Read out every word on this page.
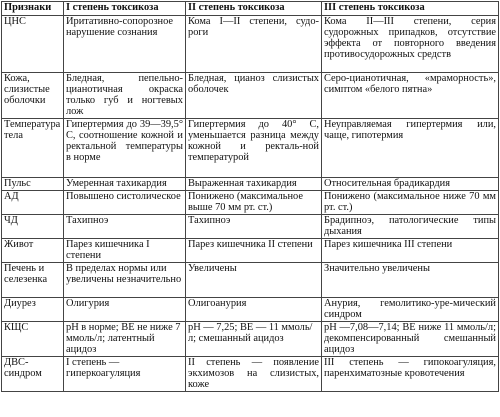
Признаки	I степень токсикоза	II степень токсикоза	III степень токсикоза
ЦНС	Иритативно-сопорозное нарушение сознания	Кома I—II степени, судо-роги	Кома II—III степени, серия судорожных припадков, отсутствие эффекта от повторного введения противосудорожных средств
Кожа, слизистые оболочки	Бледная, пепельно-цианотичная окраска только губ и ногтевых лож	Бледная, цианоз слизистых оболочек	Серо-цианотичная, «мраморность», симптом «белого пятна»
Температура тела	Гипертермия до 39—39,5° С, соотношение кожной и ректальной температуры в норме	Гипертермия до 40° С, уменьшается разница между кожной и ректаль-ной температурой	Неуправляемая гипертермия или, чаще, гипотермия
Пульс	Умеренная тахикардия	Выраженная тахикардия	Относительная брадикардия
АД	Повышено систолическое	Понижено (максимальное выше 70 мм рт. ст.)	Понижено (максимальное ниже 70 мм рт. ст.)
ЧД	Тахипноэ	Тахипноэ	Брадипноэ, патологические типы дыхания
Живот	Парез кишечника I степени	Парез кишечника II степени	Парез кишечника III степени
Печень и селезенка	В пределах нормы или увеличены незначительно	Увеличены	Значительно увеличены
Диурез	Олигурия	Олигоанурия	Анурия, гемолитико-уре-мический синдром
КЩС	pH в норме; BE не ниже 7 ммоль/л; латентный ацидоз	pH — 7,25; BE — 11 ммоль/л; смешанный ацидоз	pH —7,08—7,14; BE ниже 11 ммоль/л; декомпенсированный смешанный ацидоз
ДВС-синдром	I степень — гиперкоагуляция	II степень — появление экхимозов на слизистых, коже	III степень — гипокоагуляция, паренхиматозные кровотечения
